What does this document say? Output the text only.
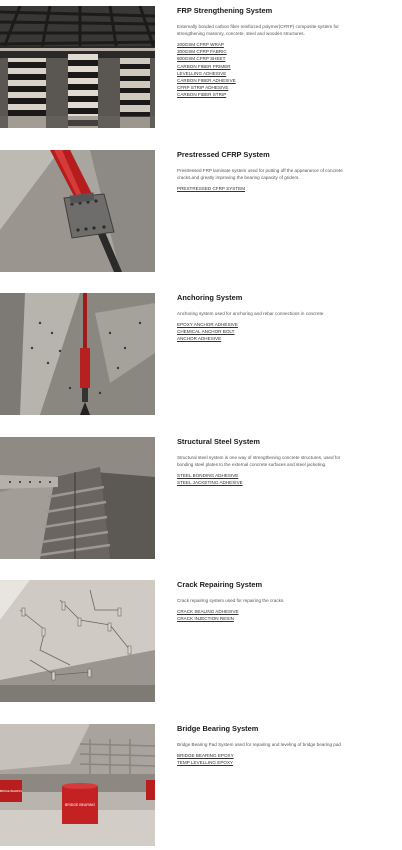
FRP Strengthening System

Externally bonded carbon fiber reinforced polymer(CFRP) composite system for strengthening masonry, concrete, steel and wooden structures.

200GSM CFRP WRAP
300GSM CFRP FABRIC
600GSM CFRP SHEET
CARBON FIBER PRIMER
LEVELLING ADHESIVE
CARBON FIBER ADHESIVE
CFRP STRIP ADHESIVE
CARBON FIBER STRIP
Prestressed CFRP System

Prestressed FRP laminate system used for putting off the appearance of concrete cracks,and greatly improving the bearing capacity of griders.

PRESTRESSED CFRP SYSTEM
Anchoring System

Anchoring system used for anchoring and rebar connections in concrete

EPOXY ANCHOR ADHESIVE
CHEMICAL ANCHOR BOLT
ANCHOR ADHESIVE
Structural Steel System

Structural steel system is one way of strengthening concrete structures, used for bonding steel plates to the external concrete surfaces and steel jacketing.

STEEL BONDING ADHESIVE
STEEL JACKETING ADHESIVE
Crack Repairing System

Crack repairing system used for repairing the cracks.

CRACK SEALING ADHESIVE
CRACK INJECTION RESIN
BRIDGE BEARING
BRIDGE BEARING
Bridge Bearing System

Bridge Bearing Pad System used for repairing and leveling of bridge bearing pad

BRIDGE BEARING EPOXY
TEMP LEVELLING EPOXY
